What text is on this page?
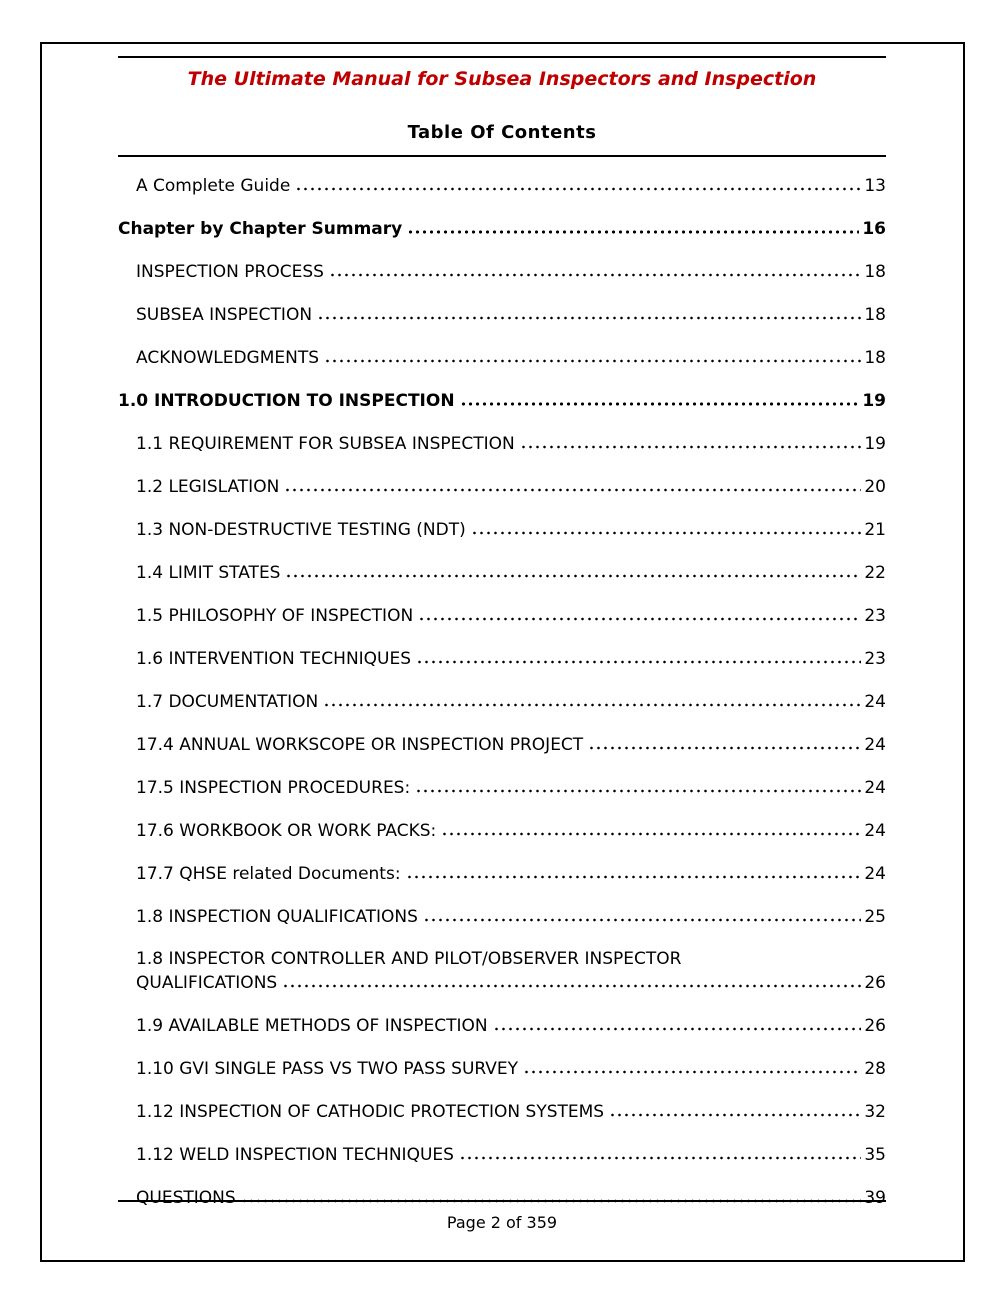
The Ultimate Manual for Subsea Inspectors and Inspection
Table Of Contents
A Complete Guide	13
Chapter by Chapter Summary	16
INSPECTION PROCESS	18
SUBSEA INSPECTION	18
ACKNOWLEDGMENTS	18
1.0 INTRODUCTION TO INSPECTION	19
1.1 REQUIREMENT FOR SUBSEA INSPECTION	19
1.2 LEGISLATION	20
1.3 NON-DESTRUCTIVE TESTING (NDT)	21
1.4 LIMIT STATES	22
1.5 PHILOSOPHY OF INSPECTION	23
1.6 INTERVENTION TECHNIQUES	23
1.7 DOCUMENTATION	24
17.4 ANNUAL WORKSCOPE OR INSPECTION PROJECT	24
17.5 INSPECTION PROCEDURES:	24
17.6 WORKBOOK OR WORK PACKS:	24
17.7 QHSE related Documents:	24
1.8 INSPECTION QUALIFICATIONS	25
1.8 INSPECTOR CONTROLLER AND PILOT/OBSERVER INSPECTOR
QUALIFICATIONS	26
1.9 AVAILABLE METHODS OF INSPECTION	26
1.10 GVI SINGLE PASS VS TWO PASS SURVEY	28
1.12 INSPECTION OF CATHODIC PROTECTION SYSTEMS	32
1.12 WELD INSPECTION TECHNIQUES	35
QUESTIONS	39
Page 2 of 359
